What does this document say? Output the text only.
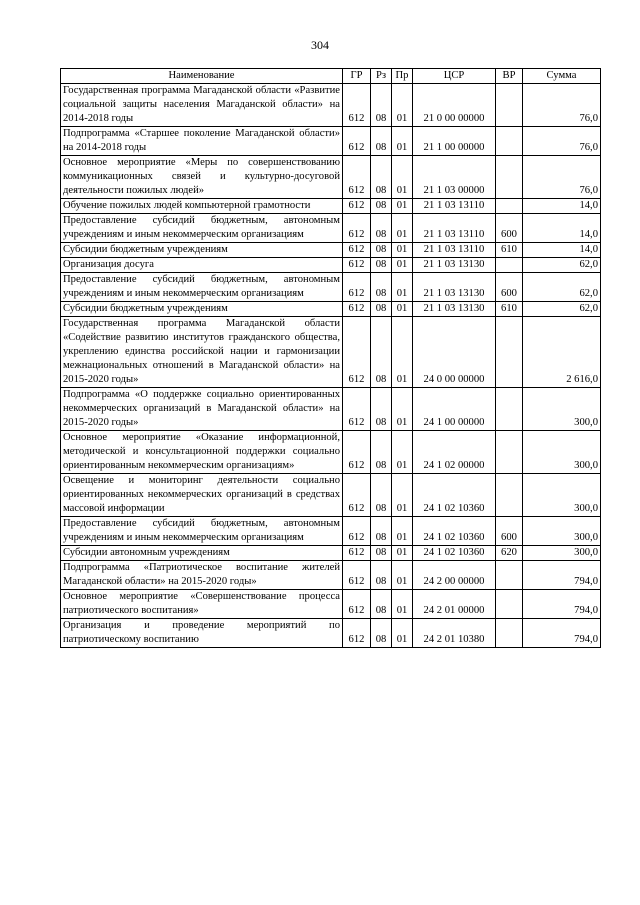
304
Наименование	ГР	Рз	Пр	ЦСР	ВР	Сумма
Государственная программа Магаданской области «Развитие социальной защиты населения Магаданской области» на 2014-2018 годы	612	08	01	21 0 00 00000		76,0
Подпрограмма «Старшее поколение Магаданской области» на 2014-2018 годы	612	08	01	21 1 00 00000		76,0
Основное мероприятие «Меры по совершенствованию коммуникационных связей и культурно-досуговой деятельности пожилых людей»	612	08	01	21 1 03 00000		76,0
Обучение пожилых людей компьютерной грамотности	612	08	01	21 1 03 13110		14,0
Предоставление субсидий бюджетным, автономным учреждениям и иным некоммерческим организациям	612	08	01	21 1 03 13110	600	14,0
Субсидии бюджетным учреждениям	612	08	01	21 1 03 13110	610	14,0
Организация досуга	612	08	01	21 1 03 13130		62,0
Предоставление субсидий бюджетным, автономным учреждениям и иным некоммерческим организациям	612	08	01	21 1 03 13130	600	62,0
Субсидии бюджетным учреждениям	612	08	01	21 1 03 13130	610	62,0
Государственная программа Магаданской области «Содействие развитию институтов гражданского общества, укреплению единства российской нации и гармонизации межнациональных отношений в Магаданской области» на 2015-2020 годы»	612	08	01	24 0 00 00000		2 616,0
Подпрограмма «О поддержке социально ориентированных некоммерческих организаций в Магаданской области» на 2015-2020 годы»	612	08	01	24 1 00 00000		300,0
Основное мероприятие «Оказание информационной, методической и консультационной поддержки социально ориентированным некоммерческим организациям»	612	08	01	24 1 02 00000		300,0
Освещение и мониторинг деятельности социально ориентированных некоммерческих организаций в средствах массовой информации	612	08	01	24 1 02 10360		300,0
Предоставление субсидий бюджетным, автономным учреждениям и иным некоммерческим организациям	612	08	01	24 1 02 10360	600	300,0
Субсидии автономным учреждениям	612	08	01	24 1 02 10360	620	300,0
Подпрограмма «Патриотическое воспитание жителей Магаданской области» на 2015-2020 годы»	612	08	01	24 2 00 00000		794,0
Основное мероприятие «Совершенствование процесса патриотического воспитания»	612	08	01	24 2 01 00000		794,0
Организация и проведение мероприятий по патриотическому воспитанию	612	08	01	24 2 01 10380		794,0
